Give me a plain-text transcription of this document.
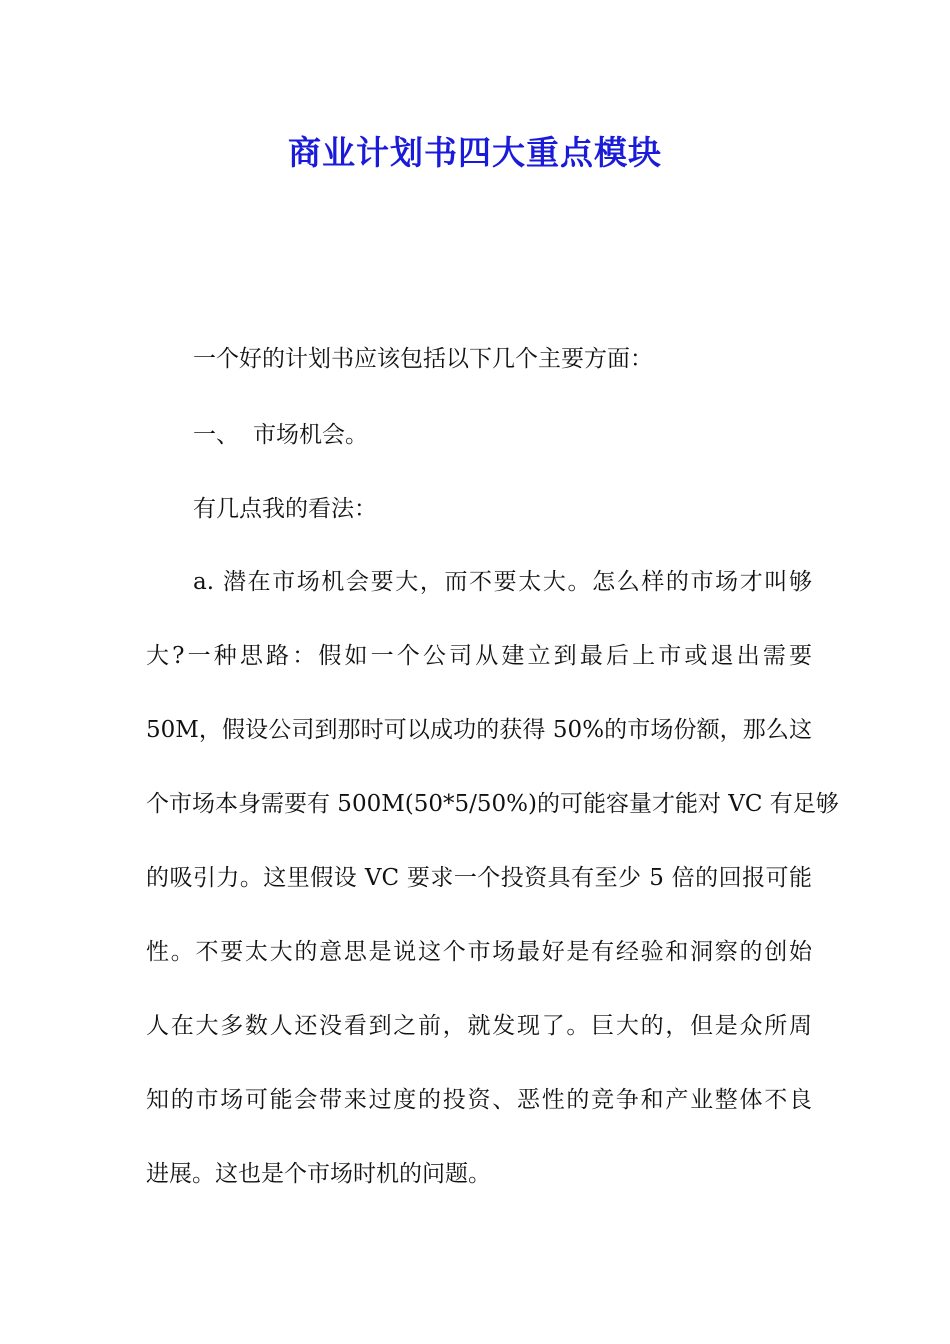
商业计划书四大重点模块

一个好的计划书应该包括以下几个主要方面：

一、 市场机会。

有几点我的看法：

a. 潜在市场机会要大，而不要太大。怎么样的市场才叫够
大?一种思路：假如一个公司从建立到最后上市或退出需要
50M，假设公司到那时可以成功的获得 50%的市场份额，那么这
个市场本身需要有 500M(50*5/50%)的可能容量才能对 VC 有足够
的吸引力。这里假设 VC 要求一个投资具有至少 5 倍的回报可能
性。不要太大的意思是说这个市场最好是有经验和洞察的创始
人在大多数人还没看到之前，就发现了。巨大的，但是众所周
知的市场可能会带来过度的投资、恶性的竞争和产业整体不良
进展。这也是个市场时机的问题。
